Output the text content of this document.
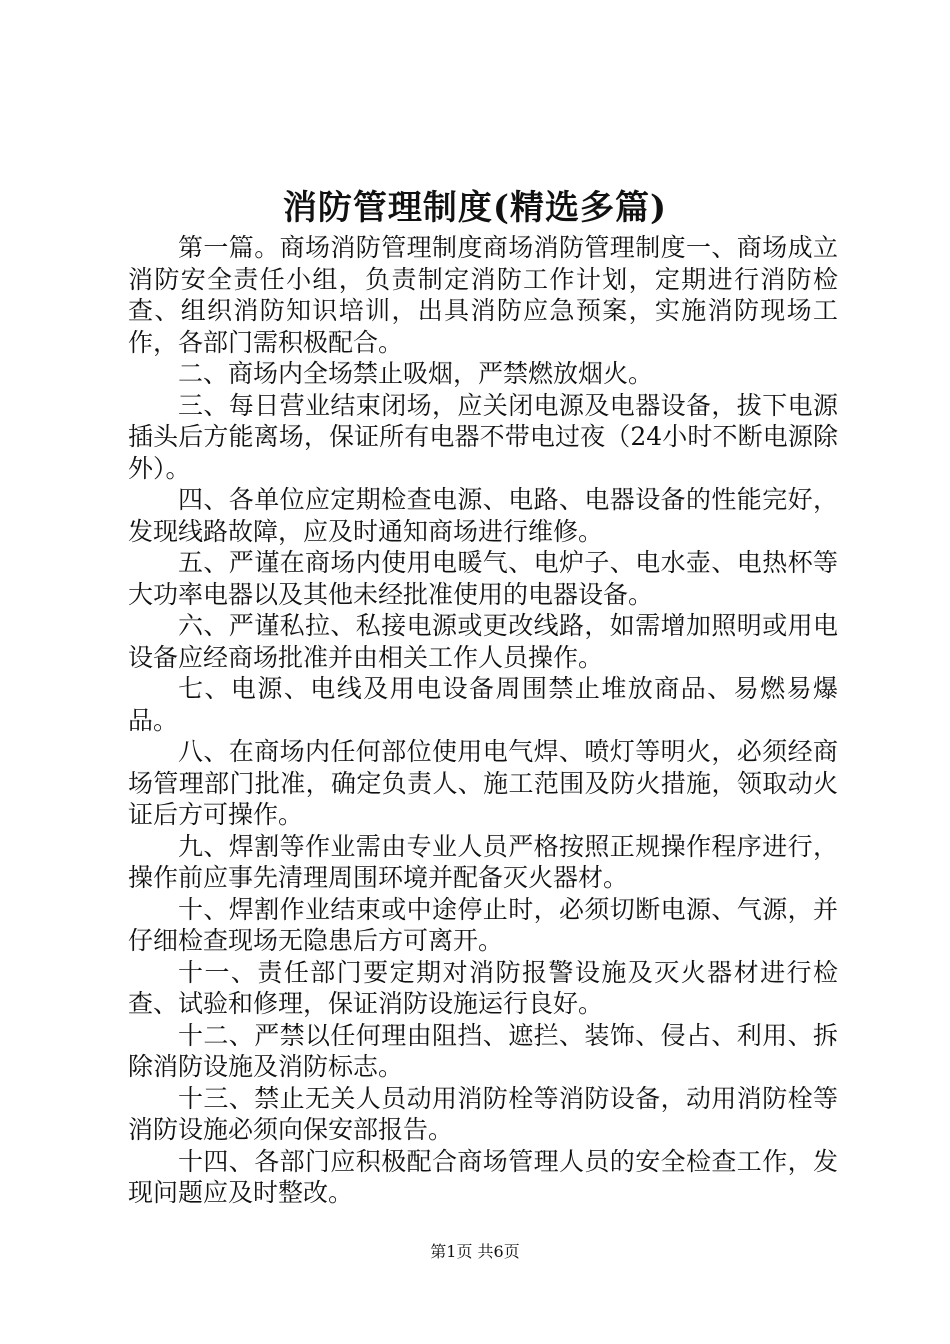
消防管理制度(精选多篇)

第一篇。商场消防管理制度商场消防管理制度一、商场成立消防安全责任小组，负责制定消防工作计划，定期进行消防检查、组织消防知识培训，出具消防应急预案，实施消防现场工作，各部门需积极配合。

二、商场内全场禁止吸烟，严禁燃放烟火。

三、每日营业结束闭场，应关闭电源及电器设备，拔下电源插头后方能离场，保证所有电器不带电过夜（24小时不断电源除外）。

四、各单位应定期检查电源、电路、电器设备的性能完好，发现线路故障，应及时通知商场进行维修。

五、严谨在商场内使用电暖气、电炉子、电水壶、电热杯等大功率电器以及其他未经批准使用的电器设备。

六、严谨私拉、私接电源或更改线路，如需增加照明或用电设备应经商场批准并由相关工作人员操作。

七、电源、电线及用电设备周围禁止堆放商品、易燃易爆品。

八、在商场内任何部位使用电气焊、喷灯等明火，必须经商场管理部门批准，确定负责人、施工范围及防火措施，领取动火证后方可操作。

九、焊割等作业需由专业人员严格按照正规操作程序进行，操作前应事先清理周围环境并配备灭火器材。

十、焊割作业结束或中途停止时，必须切断电源、气源，并仔细检查现场无隐患后方可离开。

十一、责任部门要定期对消防报警设施及灭火器材进行检查、试验和修理，保证消防设施运行良好。

十二、严禁以任何理由阻挡、遮拦、装饰、侵占、利用、拆除消防设施及消防标志。

十三、禁止无关人员动用消防栓等消防设备，动用消防栓等消防设施必须向保安部报告。

十四、各部门应积极配合商场管理人员的安全检查工作，发现问题应及时整改。

第1页 共6页
